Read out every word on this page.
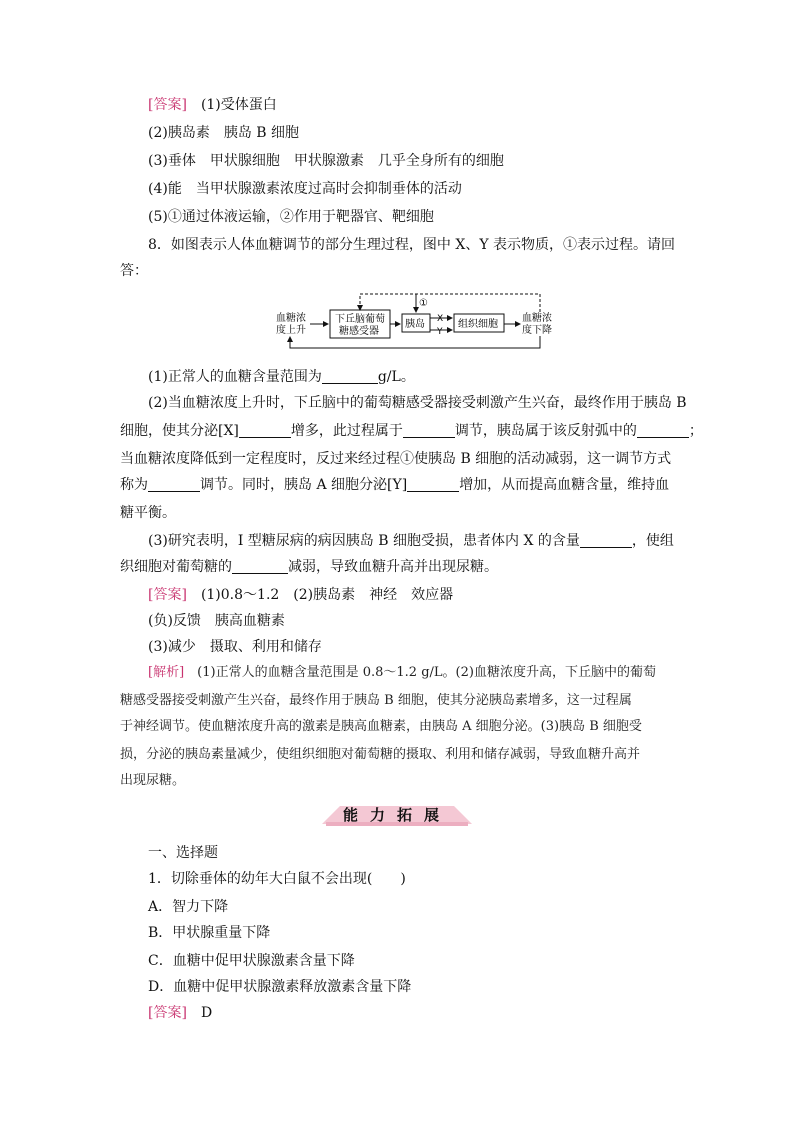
[答案]　 (1)受体蛋白
(2)胰岛素　胰岛 B 细胞
(3)垂体　甲状腺细胞　甲状腺激素　几乎全身所有的细胞
(4)能　当甲状腺激素浓度过高时会抑制垂体的活动
(5)①通过体液运输，②作用于靶器官、靶细胞
8．如图表示人体血糖调节的部分生理过程，图中 X、Y 表示物质，①表示过程。请回
答：
血糖浓
度上升
下丘脑葡萄
糖感受器
胰岛 X
Y
组织细胞
血糖浓
度下降
①
(1)正常人的血糖含量范围为	g/L。
(2)当血糖浓度上升时，下丘脑中的葡萄糖感受器接受刺激产生兴奋，最终作用于胰岛 B
细胞，使其分泌[X]	增多，此过程属于	调节，胰岛属于该反射弧中的	；
当血糖浓度降低到一定程度时，反过来经过程①使胰岛 B 细胞的活动减弱，这一调节方式
称为	调节。同时，胰岛 A 细胞分泌[Y]	增加，从而提高血糖含量，维持血
糖平衡。
(3)研究表明，I 型糖尿病的病因胰岛 B 细胞受损，患者体内 X 的含量	，使组
织细胞对葡萄糖的	减弱，导致血糖升高并出现尿糖。
[答案]　 (1)0.8～1.2　(2)胰岛素　神经　效应器
(负)反馈　胰高血糖素
(3)减少　摄取、利用和储存
[解析]　 (1)正常人的血糖含量范围是 0.8～1.2 g/L。(2)血糖浓度升高，下丘脑中的葡萄
糖感受器接受刺激产生兴奋，最终作用于胰岛 B 细胞，使其分泌胰岛素增多，这一过程属
于神经调节。使血糖浓度升高的激素是胰高血糖素，由胰岛 A 细胞分泌。(3)胰岛 B 细胞受
损，分泌的胰岛素量减少，使组织细胞对葡萄糖的摄取、利用和储存减弱，导致血糖升高并
出现尿糖。
能力拓展
一、选择题
1．切除垂体的幼年大白鼠不会出现(　　)
A．智力下降
B．甲状腺重量下降
C．血糖中促甲状腺激素含量下降
D．血糖中促甲状腺激素释放激素含量下降
[答案]　 D
